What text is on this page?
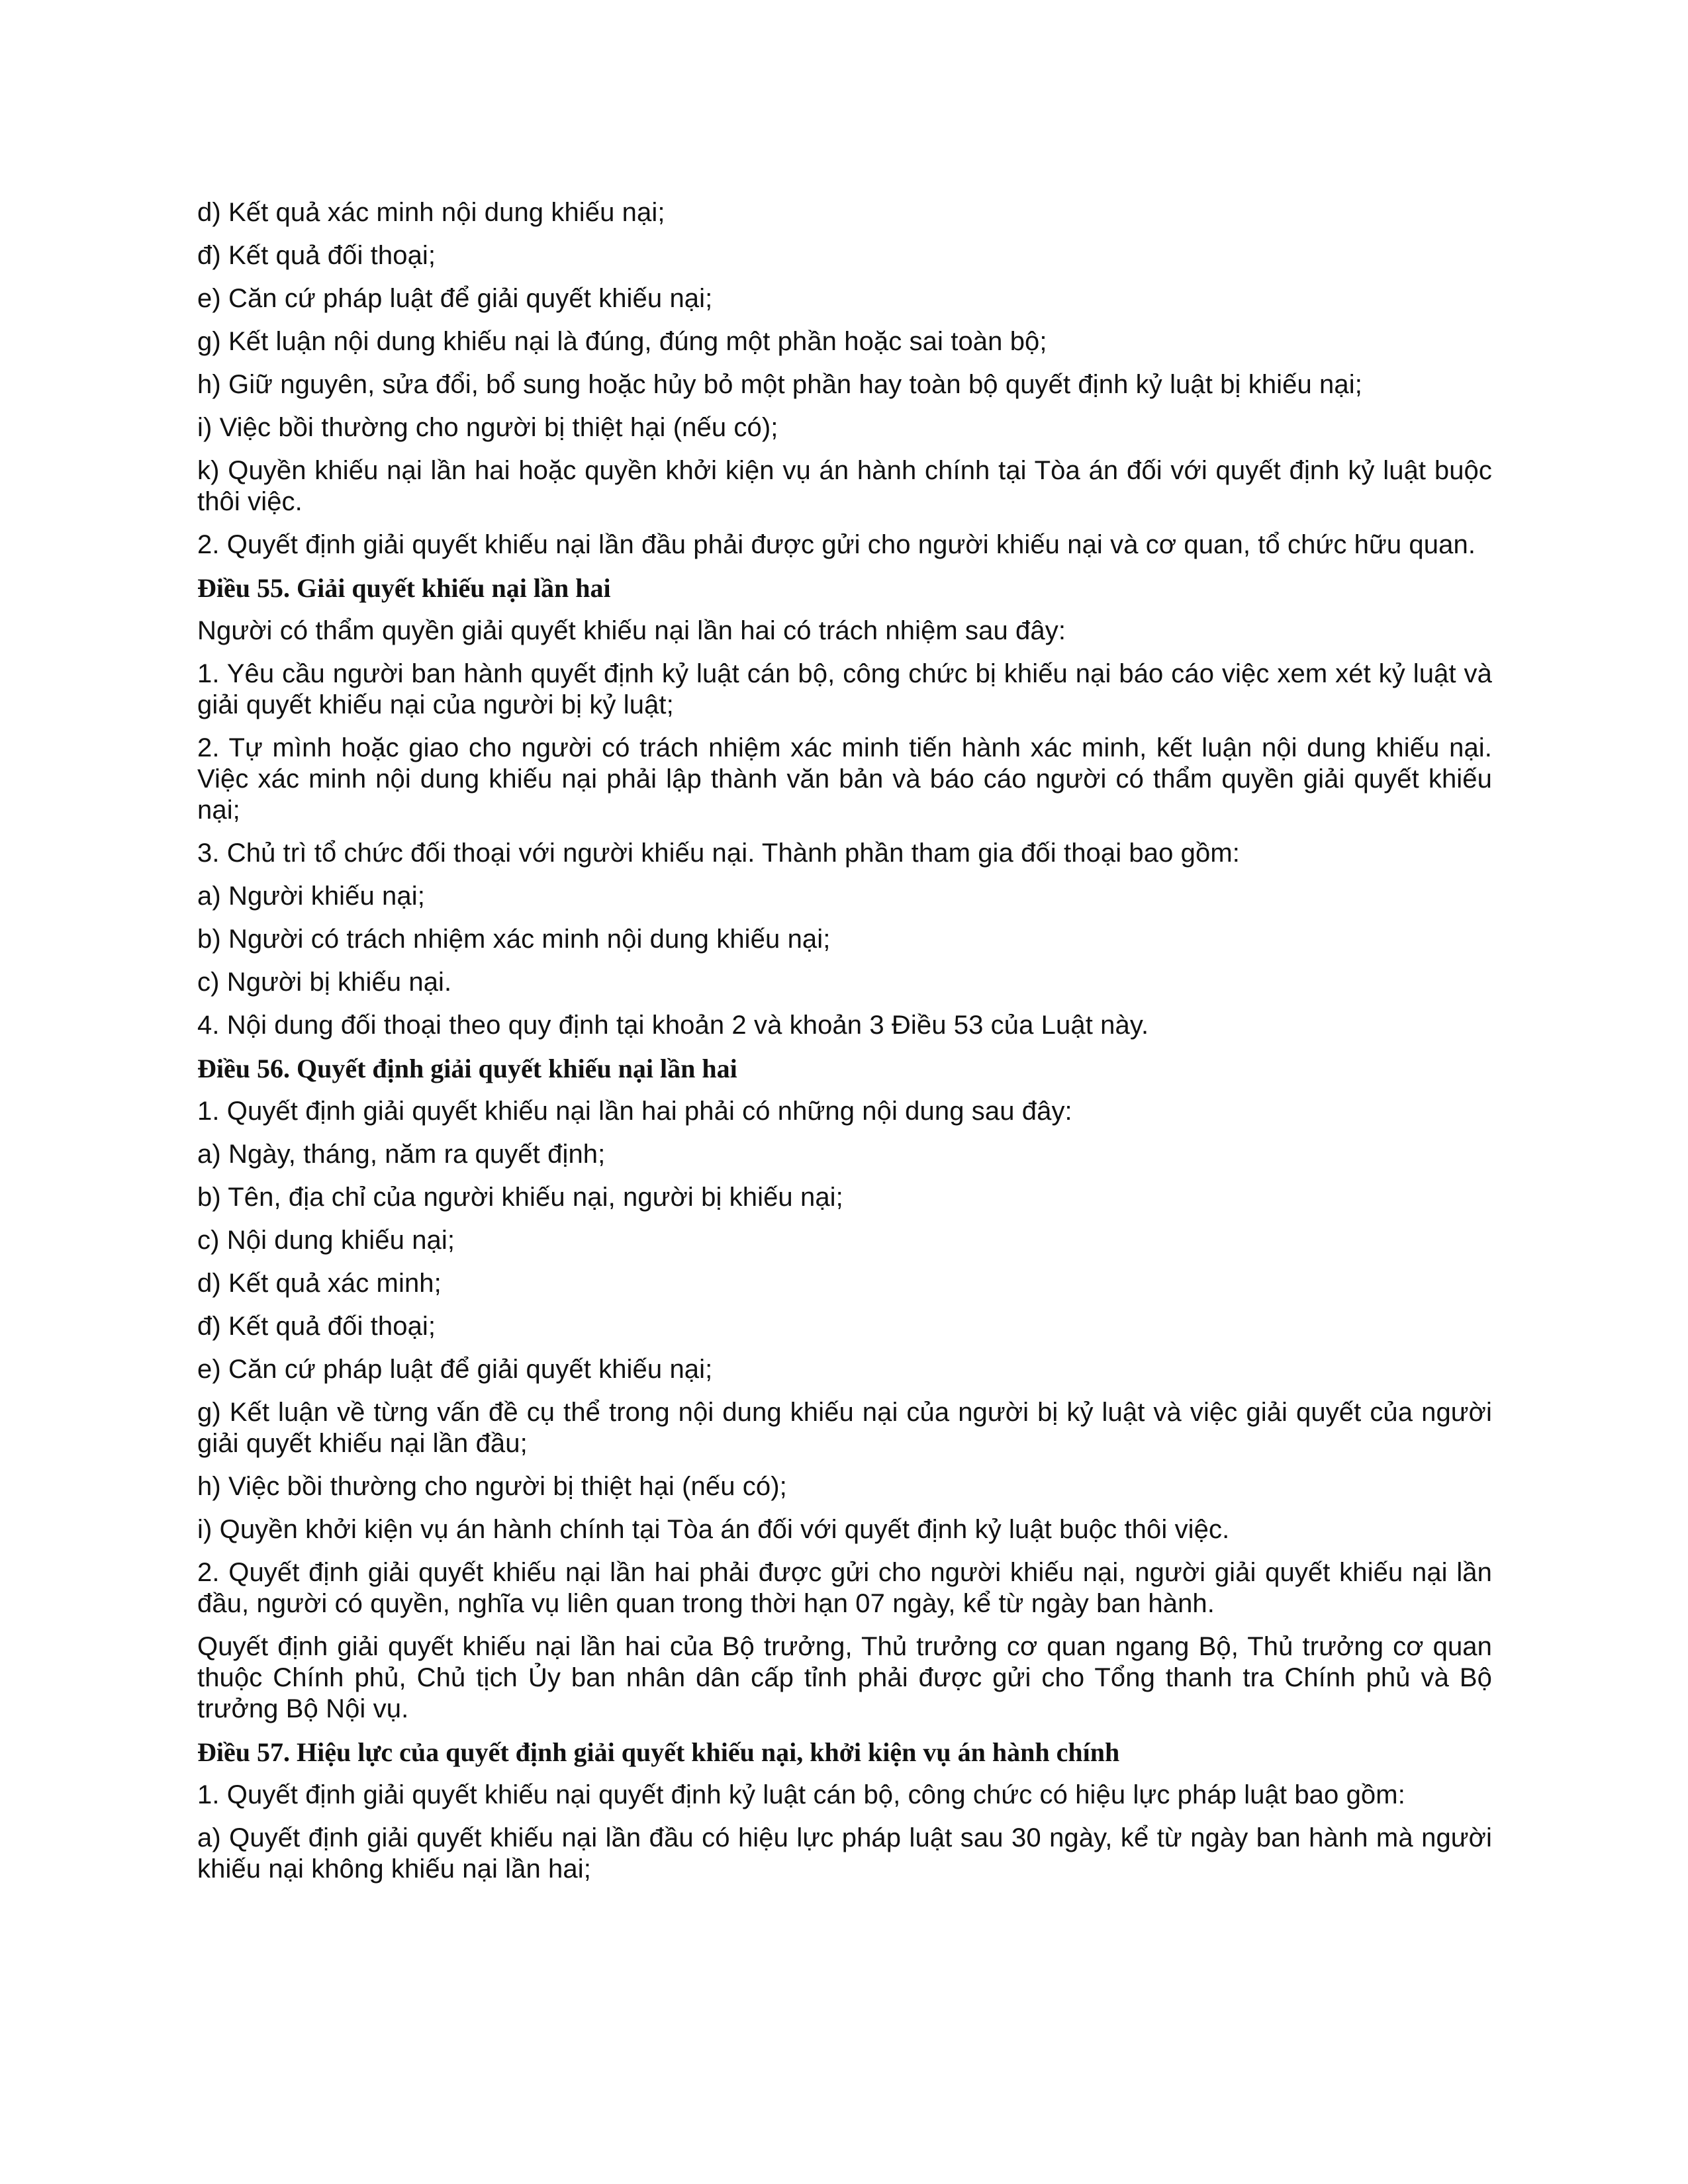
d) Kết quả xác minh nội dung khiếu nại;

đ) Kết quả đối thoại;

e) Căn cứ pháp luật để giải quyết khiếu nại;

g) Kết luận nội dung khiếu nại là đúng, đúng một phần hoặc sai toàn bộ;

h) Giữ nguyên, sửa đổi, bổ sung hoặc hủy bỏ một phần hay toàn bộ quyết định kỷ luật bị khiếu nại;

i) Việc bồi thường cho người bị thiệt hại (nếu có);

k) Quyền khiếu nại lần hai hoặc quyền khởi kiện vụ án hành chính tại Tòa án đối với quyết định kỷ luật buộc thôi việc.

2. Quyết định giải quyết khiếu nại lần đầu phải được gửi cho người khiếu nại và cơ quan, tổ chức hữu quan.

Điều 55. Giải quyết khiếu nại lần hai

Người có thẩm quyền giải quyết khiếu nại lần hai có trách nhiệm sau đây:

1. Yêu cầu người ban hành quyết định kỷ luật cán bộ, công chức bị khiếu nại báo cáo việc xem xét kỷ luật và giải quyết khiếu nại của người bị kỷ luật;

2. Tự mình hoặc giao cho người có trách nhiệm xác minh tiến hành xác minh, kết luận nội dung khiếu nại. Việc xác minh nội dung khiếu nại phải lập thành văn bản và báo cáo người có thẩm quyền giải quyết khiếu nại;

3. Chủ trì tổ chức đối thoại với người khiếu nại. Thành phần tham gia đối thoại bao gồm:

a) Người khiếu nại;

b) Người có trách nhiệm xác minh nội dung khiếu nại;

c) Người bị khiếu nại.

4. Nội dung đối thoại theo quy định tại khoản 2 và khoản 3 Điều 53 của Luật này.

Điều 56. Quyết định giải quyết khiếu nại lần hai

1. Quyết định giải quyết khiếu nại lần hai phải có những nội dung sau đây:

a) Ngày, tháng, năm ra quyết định;

b) Tên, địa chỉ của người khiếu nại, người bị khiếu nại;

c) Nội dung khiếu nại;

d) Kết quả xác minh;

đ) Kết quả đối thoại;

e) Căn cứ pháp luật để giải quyết khiếu nại;

g) Kết luận về từng vấn đề cụ thể trong nội dung khiếu nại của người bị kỷ luật và việc giải quyết của người giải quyết khiếu nại lần đầu;

h) Việc bồi thường cho người bị thiệt hại (nếu có);

i) Quyền khởi kiện vụ án hành chính tại Tòa án đối với quyết định kỷ luật buộc thôi việc.

2. Quyết định giải quyết khiếu nại lần hai phải được gửi cho người khiếu nại, người giải quyết khiếu nại lần đầu, người có quyền, nghĩa vụ liên quan trong thời hạn 07 ngày, kể từ ngày ban hành.

Quyết định giải quyết khiếu nại lần hai của Bộ trưởng, Thủ trưởng cơ quan ngang Bộ, Thủ trưởng cơ quan thuộc Chính phủ, Chủ tịch Ủy ban nhân dân cấp tỉnh phải được gửi cho Tổng thanh tra Chính phủ và Bộ trưởng Bộ Nội vụ.

Điều 57. Hiệu lực của quyết định giải quyết khiếu nại, khởi kiện vụ án hành chính

1. Quyết định giải quyết khiếu nại quyết định kỷ luật cán bộ, công chức có hiệu lực pháp luật bao gồm:

a) Quyết định giải quyết khiếu nại lần đầu có hiệu lực pháp luật sau 30 ngày, kể từ ngày ban hành mà người khiếu nại không khiếu nại lần hai;
